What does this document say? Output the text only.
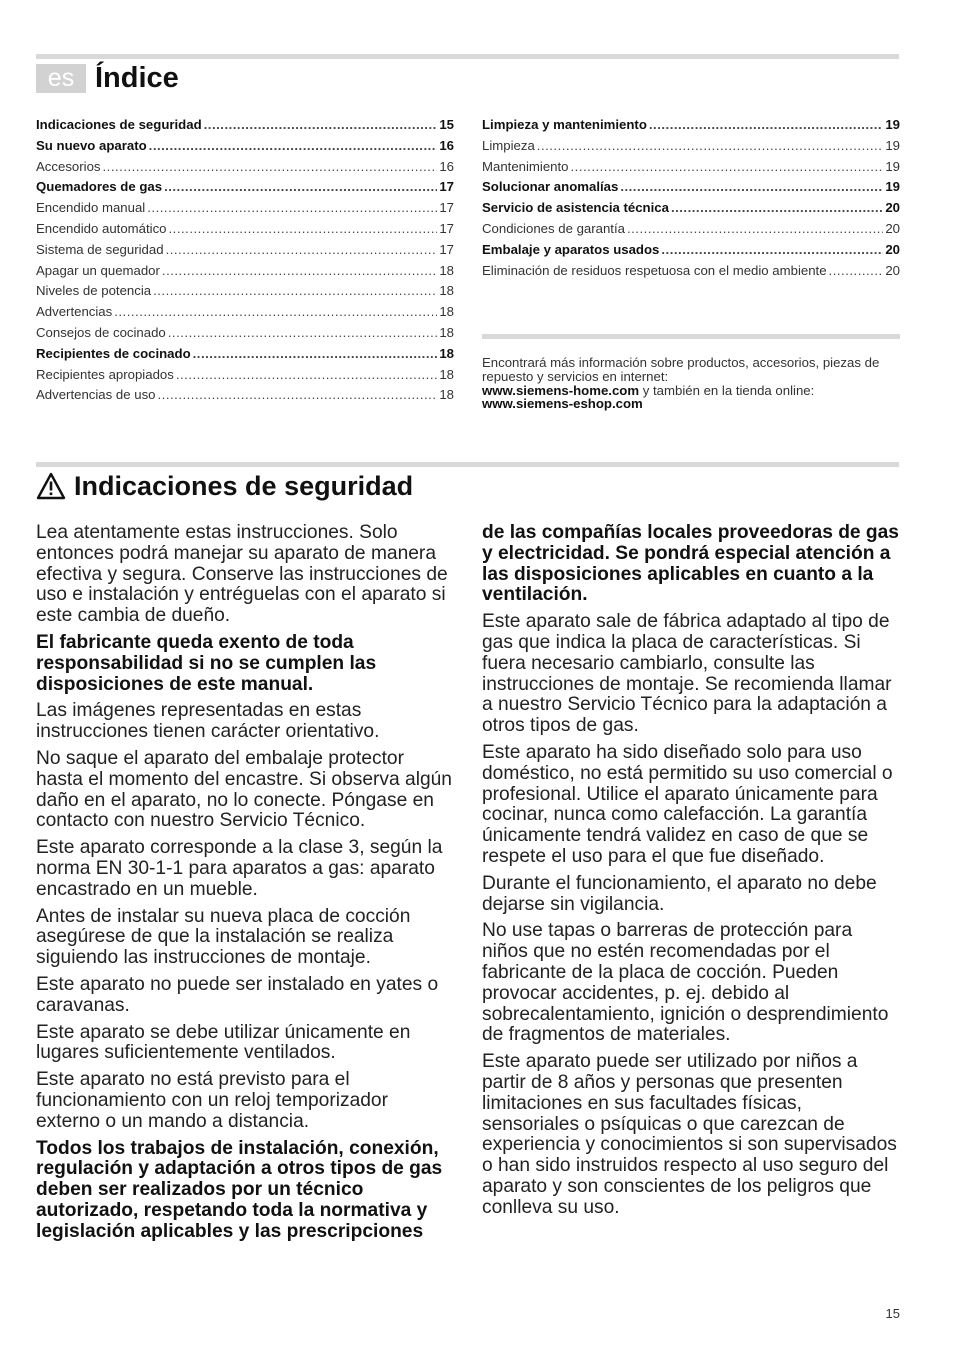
es Índice
Indicaciones de seguridad .....	15
Su nuevo aparato .....	16
Accesorios .....	16
Quemadores de gas .....	17
Encendido manual .....	17
Encendido automático .....	17
Sistema de seguridad .....	17
Apagar un quemador .....	18
Niveles de potencia .....	18
Advertencias .....	18
Consejos de cocinado .....	18
Recipientes de cocinado .....	18
Recipientes apropiados .....	18
Advertencias de uso .....	18
Limpieza y mantenimiento .....	19
Limpieza .....	19
Mantenimiento .....	19
Solucionar anomalías .....	19
Servicio de asistencia técnica .....	20
Condiciones de garantía .....	20
Embalaje y aparatos usados .....	20
Eliminación de residuos respetuosa con el medio ambiente .....	20

Encontrará más información sobre productos, accesorios, piezas de repuesto y servicios en internet:
www.siemens-home.com y también en la tienda online:
www.siemens-eshop.com

Indicaciones de seguridad

Lea atentamente estas instrucciones. Solo entonces podrá manejar su aparato de manera efectiva y segura. Conserve las instrucciones de uso e instalación y entréguelas con el aparato si este cambia de dueño.

El fabricante queda exento de toda responsabilidad si no se cumplen las disposiciones de este manual.

Las imágenes representadas en estas instrucciones tienen carácter orientativo.

No saque el aparato del embalaje protector hasta el momento del encastre. Si observa algún daño en el aparato, no lo conecte. Póngase en contacto con nuestro Servicio Técnico.

Este aparato corresponde a la clase 3, según la norma EN 30-1-1 para aparatos a gas: aparato encastrado en un mueble.

Antes de instalar su nueva placa de cocción asegúrese de que la instalación se realiza siguiendo las instrucciones de montaje.

Este aparato no puede ser instalado en yates o caravanas.

Este aparato se debe utilizar únicamente en lugares suficientemente ventilados.

Este aparato no está previsto para el funcionamiento con un reloj temporizador externo o un mando a distancia.

Todos los trabajos de instalación, conexión, regulación y adaptación a otros tipos de gas deben ser realizados por un técnico autorizado, respetando toda la normativa y legislación aplicables y las prescripciones

de las compañías locales proveedoras de gas y electricidad. Se pondrá especial atención a las disposiciones aplicables en cuanto a la ventilación.

Este aparato sale de fábrica adaptado al tipo de gas que indica la placa de características. Si fuera necesario cambiarlo, consulte las instrucciones de montaje. Se recomienda llamar a nuestro Servicio Técnico para la adaptación a otros tipos de gas.

Este aparato ha sido diseñado solo para uso doméstico, no está permitido su uso comercial o profesional. Utilice el aparato únicamente para cocinar, nunca como calefacción. La garantía únicamente tendrá validez en caso de que se respete el uso para el que fue diseñado.

Durante el funcionamiento, el aparato no debe dejarse sin vigilancia.

No use tapas o barreras de protección para niños que no estén recomendadas por el fabricante de la placa de cocción. Pueden provocar accidentes, p. ej. debido al sobrecalentamiento, ignición o desprendimiento de fragmentos de materiales.

Este aparato puede ser utilizado por niños a partir de 8 años y personas que presenten limitaciones en sus facultades físicas, sensoriales o psíquicas o que carezcan de experiencia y conocimientos si son supervisados o han sido instruidos respecto al uso seguro del aparato y son conscientes de los peligros que conlleva su uso.

15
